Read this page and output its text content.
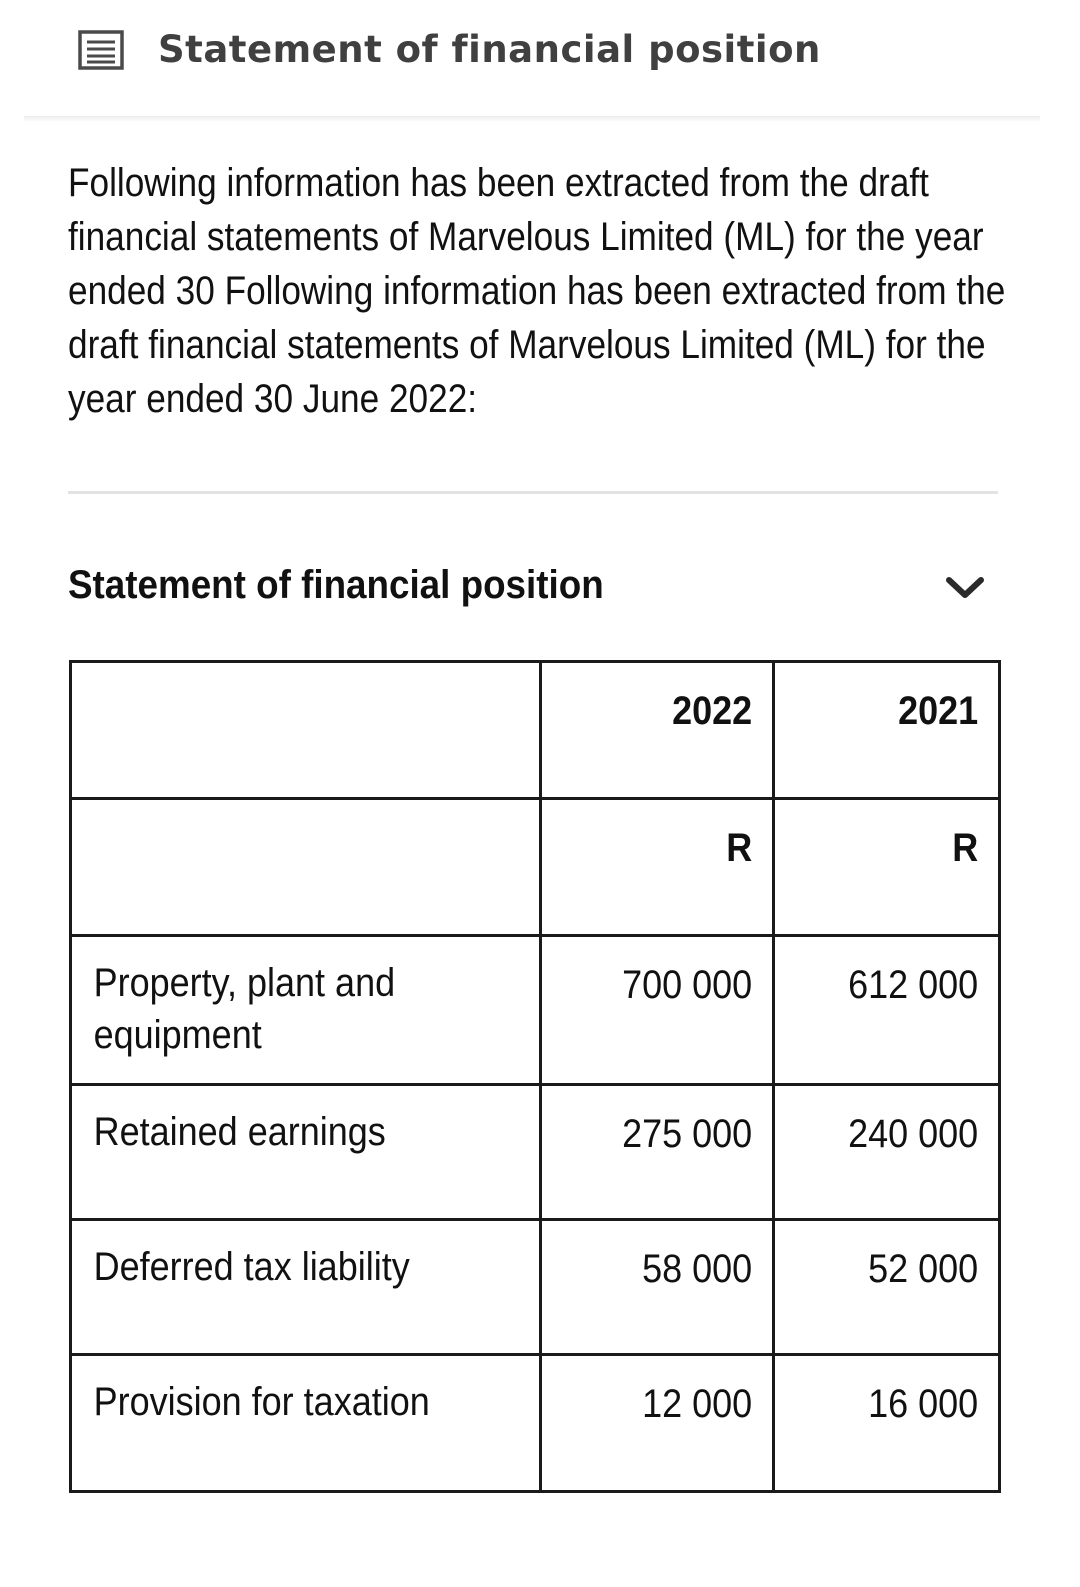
Statement of financial position
Following information has been extracted from the draft financial statements of Marvelous Limited (ML) for the year ended 30 Following information has been extracted from the draft financial statements of Marvelous Limited (ML) for the year ended 30 June 2022:
Statement of financial position

	2022	2021

	R	R

Property, plant and equipment	700 000	612 000

Retained earnings	275 000	240 000

Deferred tax liability	58 000	52 000

Provision for taxation	12 000	16 000
